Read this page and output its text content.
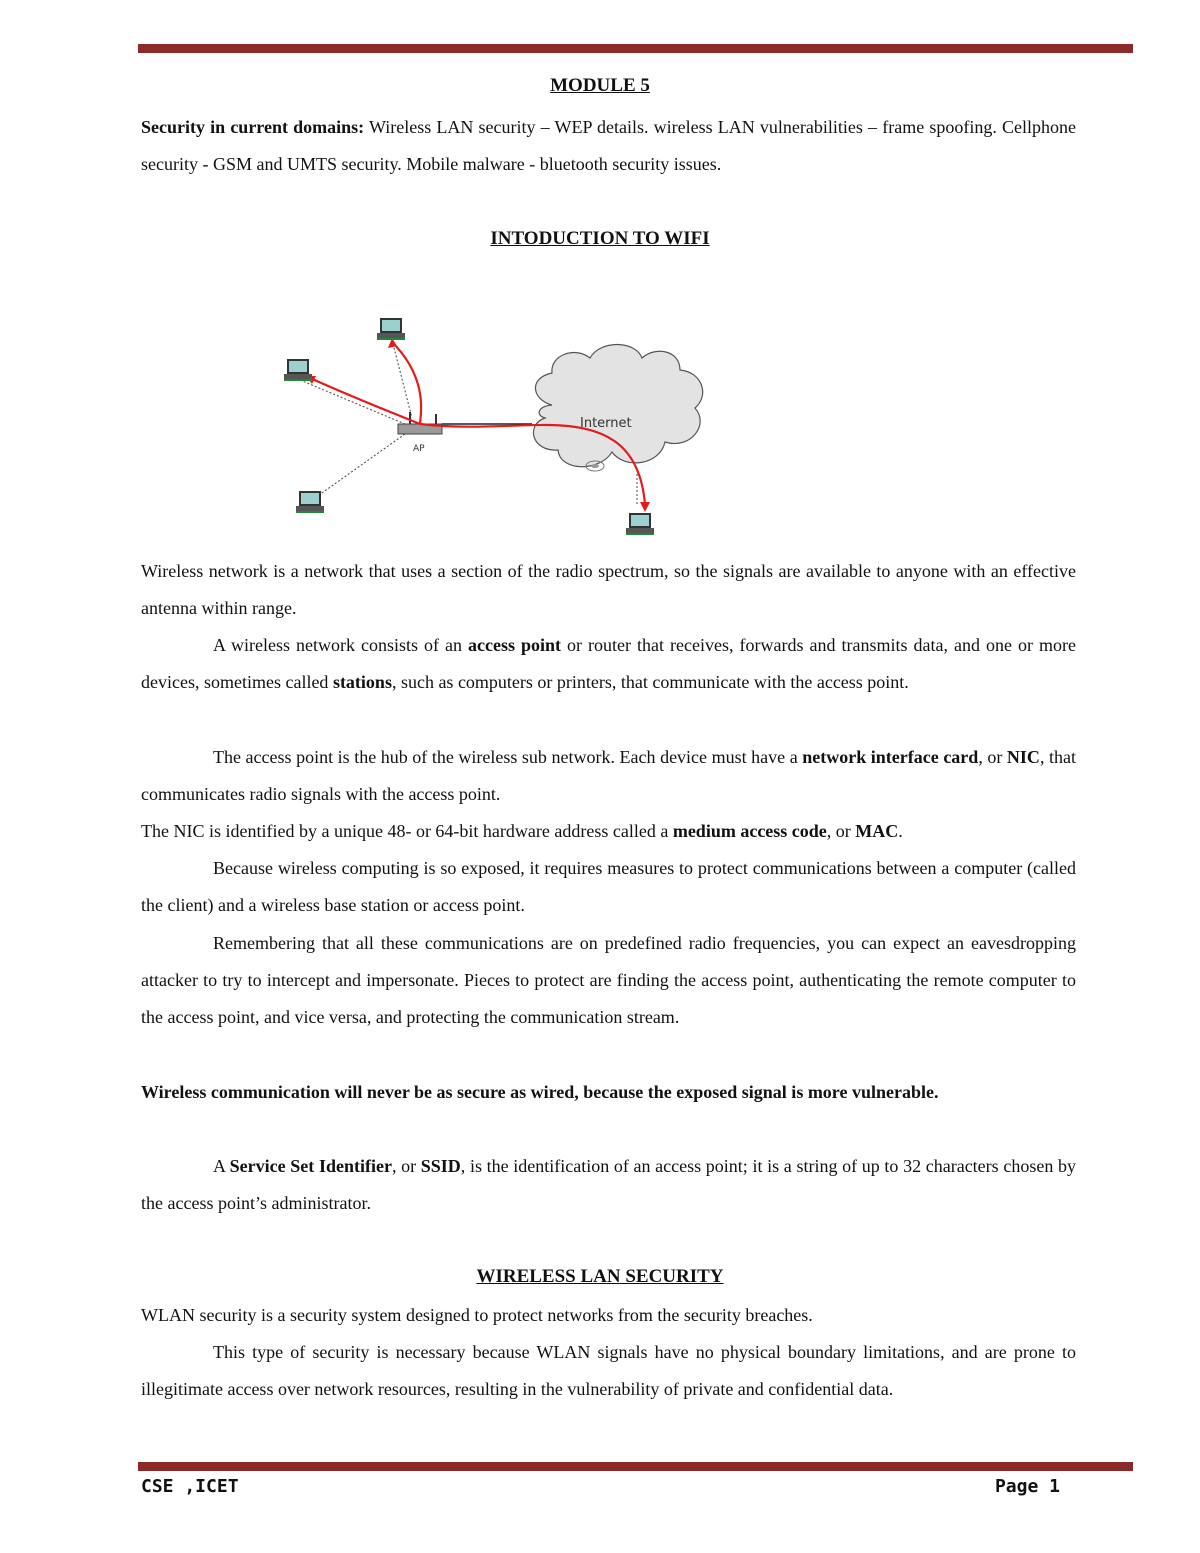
MODULE 5

Security in current domains: Wireless LAN security – WEP details. wireless LAN vulnerabilities – frame spoofing. Cellphone security - GSM and UMTS security. Mobile malware - bluetooth security issues.

INTODUCTION TO WIFI
Internet
AP

Wireless network is a network that uses a section of the radio spectrum, so the signals are available to anyone with an effective antenna within range.

A wireless network consists of an access point or router that receives, forwards and transmits data, and one or more devices, sometimes called stations, such as computers or printers, that communicate with the access point.

The access point is the hub of the wireless sub network. Each device must have a network interface card, or NIC, that communicates radio signals with the access point.

The NIC is identified by a unique 48- or 64-bit hardware address called a medium access code, or MAC.

Because wireless computing is so exposed, it requires measures to protect communications between a computer (called the client) and a wireless base station or access point.

Remembering that all these communications are on predefined radio frequencies, you can expect an eavesdropping attacker to try to intercept and impersonate. Pieces to protect are finding the access point, authenticating the remote computer to the access point, and vice versa, and protecting the communication stream.

Wireless communication will never be as secure as wired, because the exposed signal is more vulnerable.

A Service Set Identifier, or SSID, is the identification of an access point; it is a string of up to 32 characters chosen by the access point’s administrator.

WIRELESS LAN SECURITY

WLAN security is a security system designed to protect networks from the security breaches.

This type of security is necessary because WLAN signals have no physical boundary limitations, and are prone to illegitimate access over network resources, resulting in the vulnerability of private and confidential data.

CSE ,ICET	Page 1
